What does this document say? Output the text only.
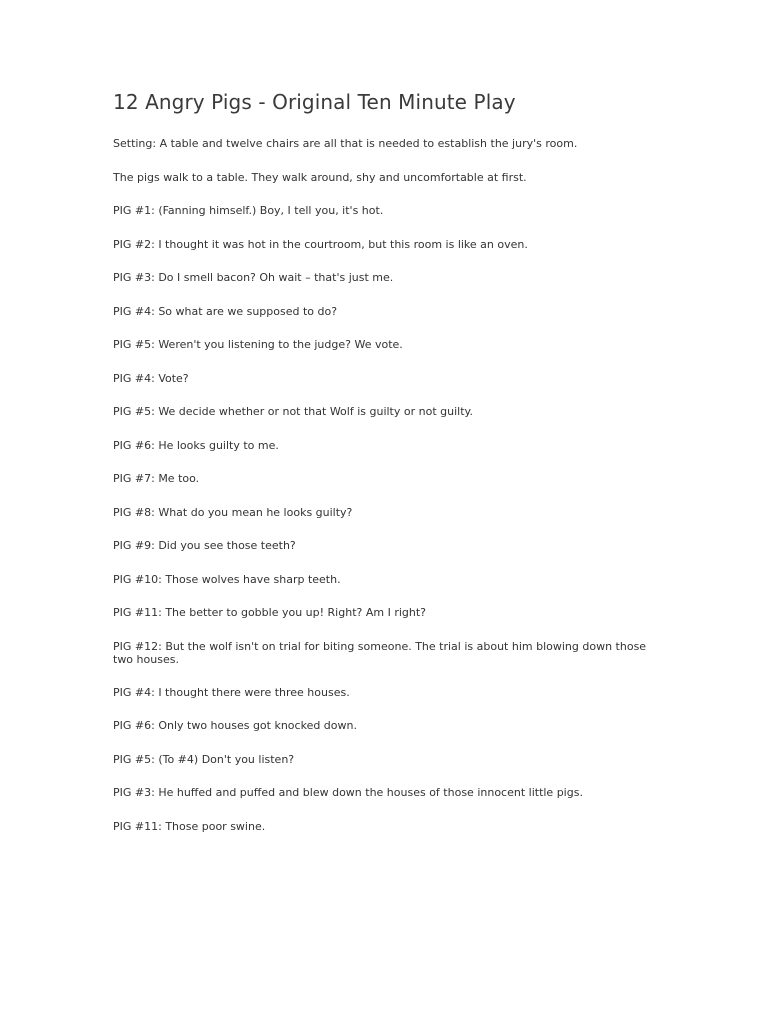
12 Angry Pigs - Original Ten Minute Play

Setting: A table and twelve chairs are all that is needed to establish the jury's room.

The pigs walk to a table. They walk around, shy and uncomfortable at first.

PIG #1: (Fanning himself.) Boy, I tell you, it's hot.

PIG #2: I thought it was hot in the courtroom, but this room is like an oven.

PIG #3: Do I smell bacon? Oh wait – that's just me.

PIG #4: So what are we supposed to do?

PIG #5: Weren't you listening to the judge? We vote.

PIG #4: Vote?

PIG #5: We decide whether or not that Wolf is guilty or not guilty.

PIG #6: He looks guilty to me.

PIG #7: Me too.

PIG #8: What do you mean he looks guilty?

PIG #9: Did you see those teeth?

PIG #10: Those wolves have sharp teeth.

PIG #11: The better to gobble you up! Right? Am I right?

PIG #12: But the wolf isn't on trial for biting someone. The trial is about him blowing down those two houses.

PIG #4: I thought there were three houses.

PIG #6: Only two houses got knocked down.

PIG #5: (To #4) Don't you listen?

PIG #3: He huffed and puffed and blew down the houses of those innocent little pigs.

PIG #11: Those poor swine.
